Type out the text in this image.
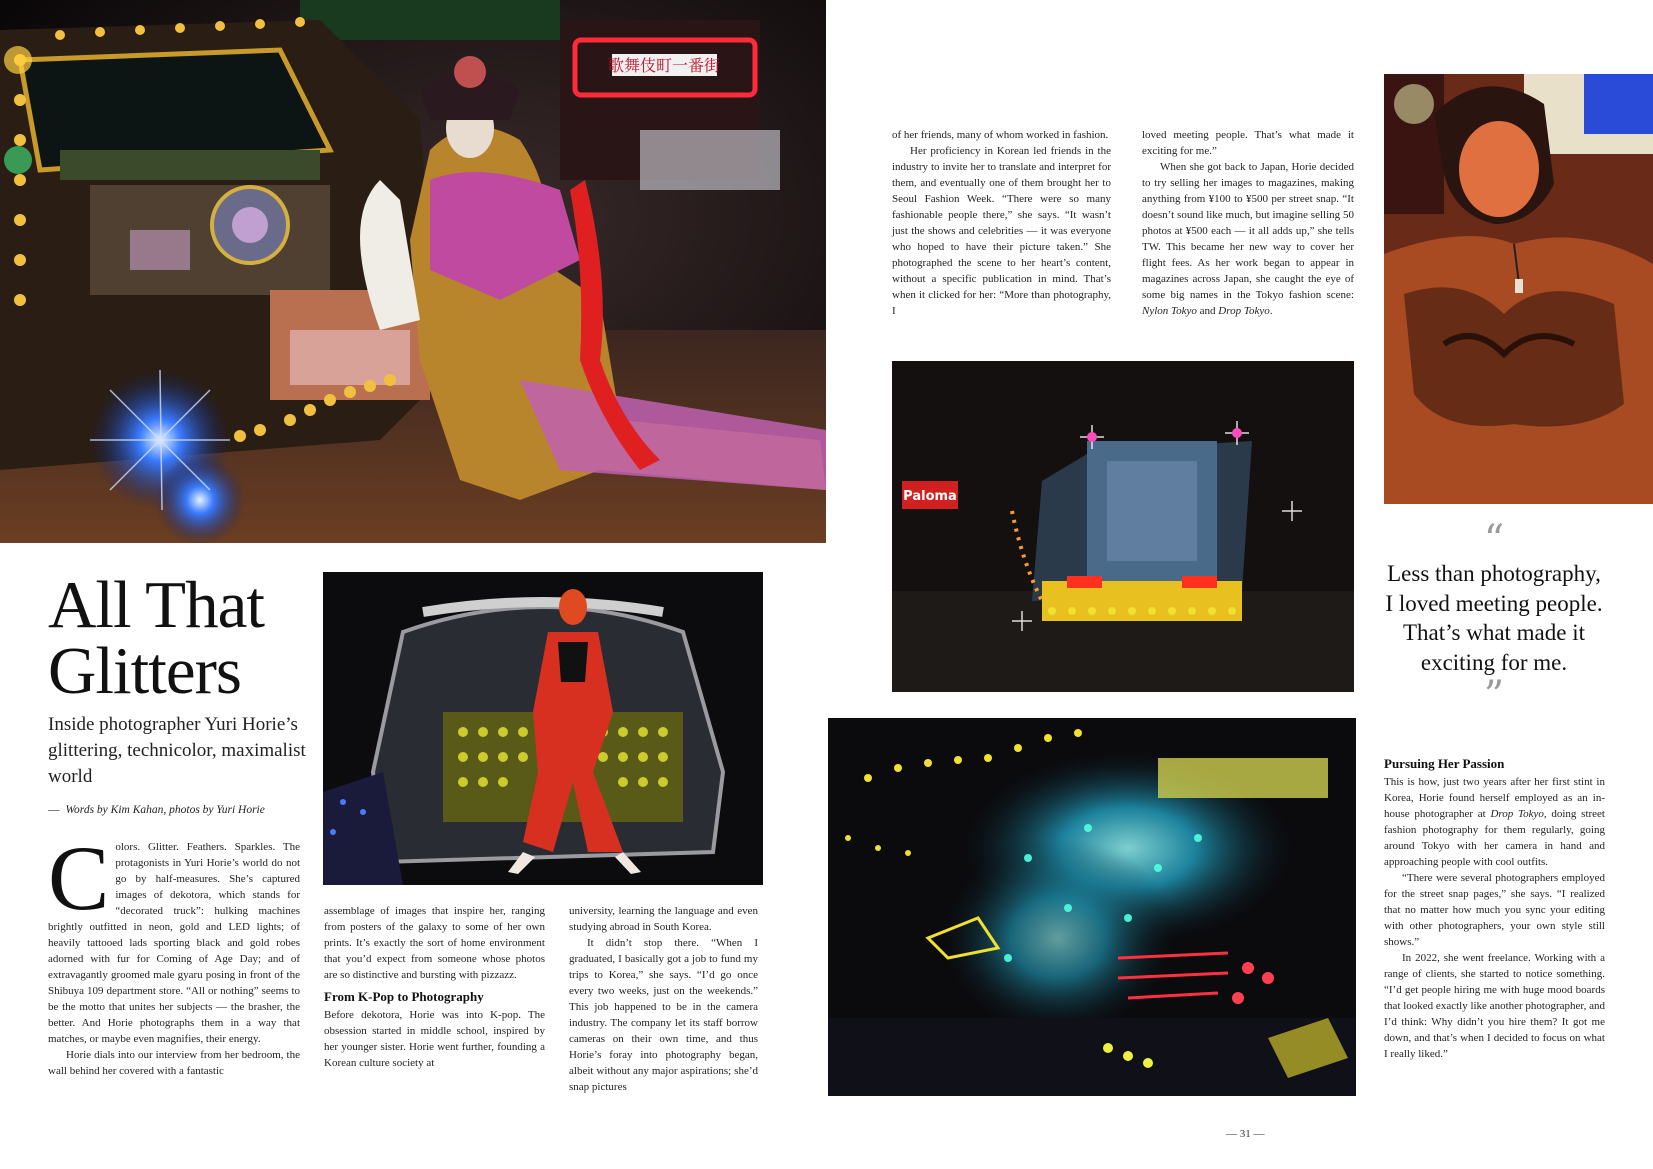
歌舞伎町一番街
Paloma
All That
Glitters
Inside photographer Yuri Horie’s glittering, technicolor, maximalist world
— Words by Kim Kahan, photos by Yuri Horie

Colors. Glitter. Feathers. Sparkles. The protagonists in Yuri Horie’s world do not go by half-measures. She’s captured images of dekotora, which stands for “decorated truck”: hulking machines brightly outfitted in neon, gold and LED lights; of heavily tattooed lads sporting black and gold robes adorned with fur for Coming of Age Day; and of extravagantly groomed male gyaru posing in front of the Shibuya 109 department store. “All or nothing” seems to be the motto that unites her subjects — the brasher, the better. And Horie photographs them in a way that matches, or maybe even magnifies, their energy.

Horie dials into our interview from her bedroom, the wall behind her covered with a fantastic

assemblage of images that inspire her, ranging from posters of the galaxy to some of her own prints. It’s exactly the sort of home environment that you’d expect from someone whose photos are so distinctive and bursting with pizzazz.

From K-Pop to Photography

Before dekotora, Horie was into K-pop. The obsession started in middle school, inspired by her younger sister. Horie went further, founding a Korean culture society at

university, learning the language and even studying abroad in South Korea.

It didn’t stop there. “When I graduated, I basically got a job to fund my trips to Korea,” she says. “I’d go once every two weeks, just on the weekends.” This job happened to be in the camera industry. The company let its staff borrow cameras on their own time, and thus Horie’s foray into photography began, albeit without any major aspirations; she’d snap pictures

of her friends, many of whom worked in fashion.

Her proficiency in Korean led friends in the industry to invite her to translate and interpret for them, and eventually one of them brought her to Seoul Fashion Week. “There were so many fashionable people there,” she says. “It wasn’t just the shows and celebrities — it was everyone who hoped to have their picture taken.” She photographed the scene to her heart’s content, without a specific publication in mind. That’s when it clicked for her: “More than photography, I

loved meeting people. That’s what made it exciting for me.”

When she got back to Japan, Horie decided to try selling her images to magazines, making anything from ¥100 to ¥500 per street snap. “It doesn’t sound like much, but imagine selling 50 photos at ¥500 each — it all adds up,” she tells TW. This became her new way to cover her flight fees. As her work began to appear in magazines across Japan, she caught the eye of some big names in the Tokyo fashion scene: Nylon Tokyo and Drop Tokyo.

“
Less than photography, I loved meeting people. That’s what made it exciting for me.
”
Pursuing Her Passion

This is how, just two years after her first stint in Korea, Horie found herself employed as an in-house photographer at Drop Tokyo, doing street fashion photography for them regularly, going around Tokyo with her camera in hand and approaching people with cool outfits.

“There were several photographers employed for the street snap pages,” she says. “I realized that no matter how much you sync your editing with other photographers, your own style still shows.”

In 2022, she went freelance. Working with a range of clients, she started to notice something. “I’d get people hiring me with huge mood boards that looked exactly like another photographer, and I’d think: Why didn’t you hire them? It got me down, and that’s when I decided to focus on what I really liked.”

— 31 —
